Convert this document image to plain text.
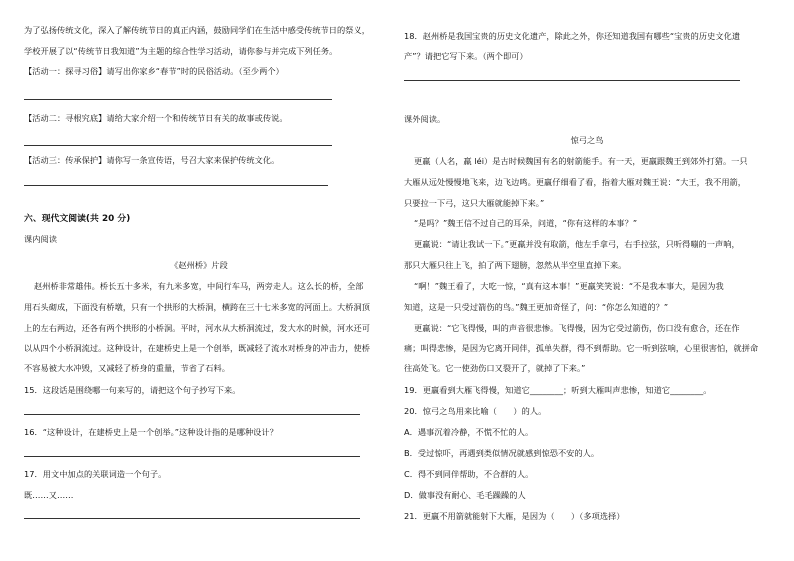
为了弘扬传统文化，深入了解传统节日的真正内涵，鼓励同学们在生活中感受传统节日的祭义，
学校开展了以“传统节日我知道”为主题的综合性学习活动，请你参与并完成下列任务。
【活动一：探寻习俗】请写出你家乡“春节”时的民俗活动。（至少两个）
【活动二：寻根究底】请给大家介绍一个和传统节日有关的故事或传说。
【活动三：传承保护】请你写一条宣传语，号召大家来保护传统文化。
六、现代文阅读(共 20 分)
课内阅读
《赵州桥》片段
赵州桥非常雄伟。桥长五十多米，有九米多宽，中间行车马，两旁走人。这么长的桥，全部
用石头砌成，下面没有桥墩，只有一个拱形的大桥洞，横跨在三十七米多宽的河面上。大桥洞顶
上的左右两边，还各有两个拱形的小桥洞。平时，河水从大桥洞流过，发大水的时候，河水还可
以从四个小桥洞流过。这种设计，在建桥史上是一个创举，既减轻了流水对桥身的冲击力，使桥
不容易被大水冲毁，又减轻了桥身的重量，节省了石料。
15．这段话是围绕哪一句来写的，请把这个句子抄写下来。
16．“这种设计，在建桥史上是一个创举。”这种设计指的是哪种设计？
17．用文中加点的关联词造一个句子。
既……又……
18．赵州桥是我国宝贵的历史文化遗产，除此之外，你还知道我国有哪些“宝贵的历史文化遗
产”？请把它写下来。（两个即可）
课外阅读。
惊弓之鸟
更羸（人名，羸 léi）是古时候魏国有名的射箭能手。有一天，更羸跟魏王到郊外打猎。一只
大雁从远处慢慢地飞来，边飞边鸣。更羸仔细看了看，指着大雁对魏王说：“大王，我不用箭，
只要拉一下弓，这只大雁就能掉下来。”
“是吗？”魏王信不过自己的耳朵，问道，“你有这样的本事？”
更羸说：“请让我试一下。”更羸并没有取箭，他左手拿弓，右手拉弦，只听得嘣的一声响，
那只大雁只往上飞，拍了两下翅膀，忽然从半空里直掉下来。
“啊！”魏王看了，大吃一惊，“真有这本事！”更羸笑笑说：“不是我本事大，是因为我
知道，这是一只受过箭伤的鸟。”魏王更加奇怪了，问：“你怎么知道的？”
更羸说：“它飞得慢，叫的声音很悲惨。飞得慢，因为它受过箭伤，伤口没有愈合，还在作
痛；叫得悲惨，是因为它离开同伴，孤单失群，得不到帮助。它一听到弦响，心里很害怕，就拼命
往高处飞。它一使劲伤口又裂开了，就掉了下来。”
19．更羸看到大雁飞得慢，知道它________；听到大雁叫声悲惨，知道它________。
20．惊弓之鸟用来比喻（　　）的人。
A．遇事沉着冷静，不慌不忙的人。
B．受过惊吓，再遇到类似情况就感到惊恐不安的人。
C．得不到同伴帮助，不合群的人。
D．做事没有耐心、毛毛躁躁的人
21．更羸不用箭就能射下大雁，是因为（　　）（多项选择）
